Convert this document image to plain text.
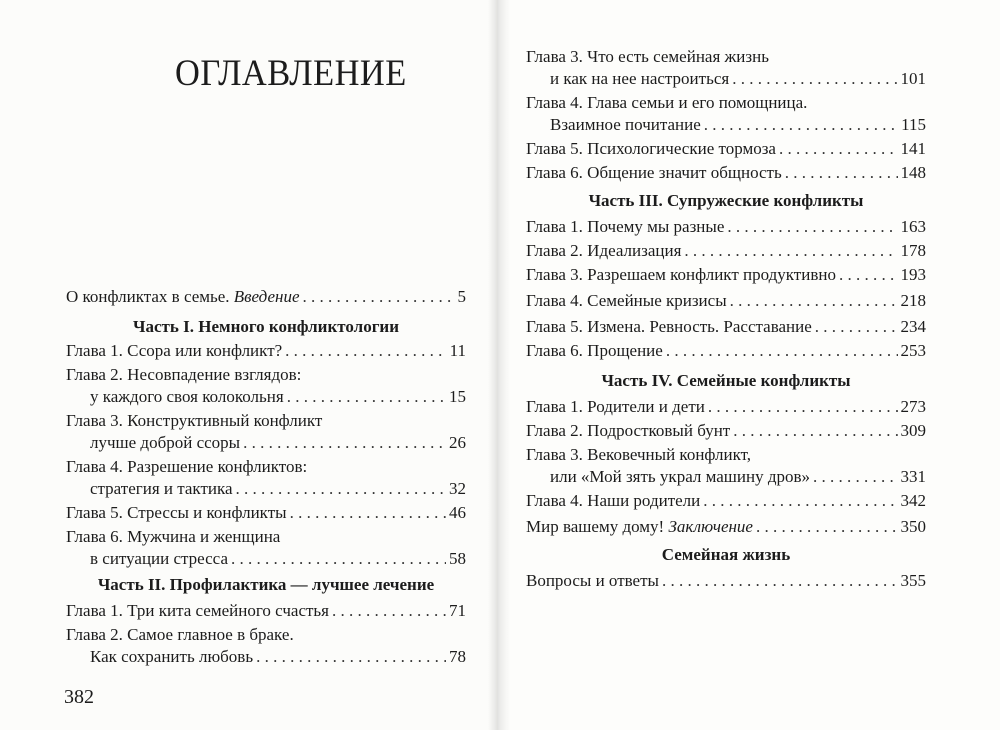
ОГЛАВЛЕНИЕ
О конфликтах в семье. Введение . . .	5
Часть I. Немного конфликтологии
Глава 1. Ссора или конфликт? . . .	11
Глава 2. Несовпадение взглядов:
у каждого своя колокольня . . .	15
Глава 3. Конструктивный конфликт
лучше доброй ссоры . . .	26
Глава 4. Разрешение конфликтов:
стратегия и тактика . . .	32
Глава 5. Стрессы и конфликты . . .	46
Глава 6. Мужчина и женщина
в ситуации стресса . . .	58
Часть II. Профилактика — лучшее лечение
Глава 1. Три кита семейного счастья . . .	71
Глава 2. Самое главное в браке.
Как сохранить любовь . . .	78
382
Глава 3. Что есть семейная жизнь
и как на нее настроиться . . .	101
Глава 4. Глава семьи и его помощница.
Взаимное почитание . . .	115
Глава 5. Психологические тормоза . . .	141
Глава 6. Общение значит общность . . .	148
Часть III. Супружеские конфликты
Глава 1. Почему мы разные . . .	163
Глава 2. Идеализация . . .	178
Глава 3. Разрешаем конфликт продуктивно . . .	193
Глава 4. Семейные кризисы . . .	218
Глава 5. Измена. Ревность. Расставание . . .	234
Глава 6. Прощение . . .	253
Часть IV. Семейные конфликты
Глава 1. Родители и дети . . .	273
Глава 2. Подростковый бунт . . .	309
Глава 3. Вековечный конфликт,
или «Мой зять украл машину дров» . . .	331
Глава 4. Наши родители . . .	342
Мир вашему дому! Заключение . . .	350
Семейная жизнь
Вопросы и ответы . . .	355
